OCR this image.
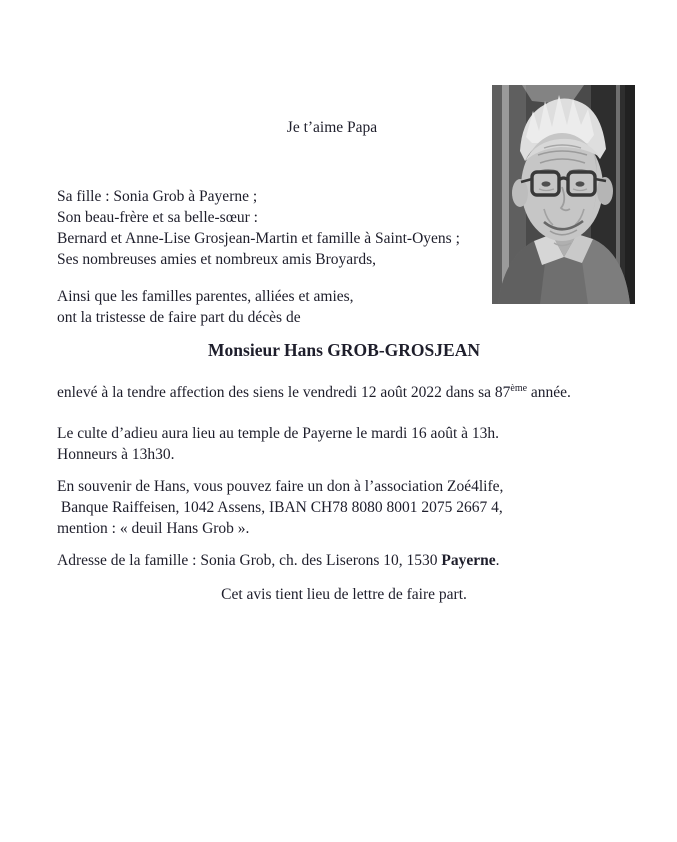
Je t’aime Papa

Sa fille : Sonia Grob à Payerne ;

Son beau-frère et sa belle-sœur :

Bernard et Anne-Lise Grosjean-Martin et famille à Saint-Oyens ;

Ses nombreuses amies et nombreux amis Broyards,

Ainsi que les familles parentes, alliées et amies,

ont la tristesse de faire part du décès de

Monsieur Hans GROB-GROSJEAN

enlevé à la tendre affection des siens le vendredi 12 août 2022 dans sa 87ème année.

Le culte d’adieu aura lieu au temple de Payerne le mardi 16 août à 13h.

Honneurs à 13h30.

En souvenir de Hans, vous pouvez faire un don à l’association Zoé4life,

Banque Raiffeisen, 1042 Assens, IBAN CH78 8080 8001 2075 2667 4,

mention : « deuil Hans Grob ».

Adresse de la famille : Sonia Grob, ch. des Liserons 10, 1530 Payerne.

Cet avis tient lieu de lettre de faire part.
